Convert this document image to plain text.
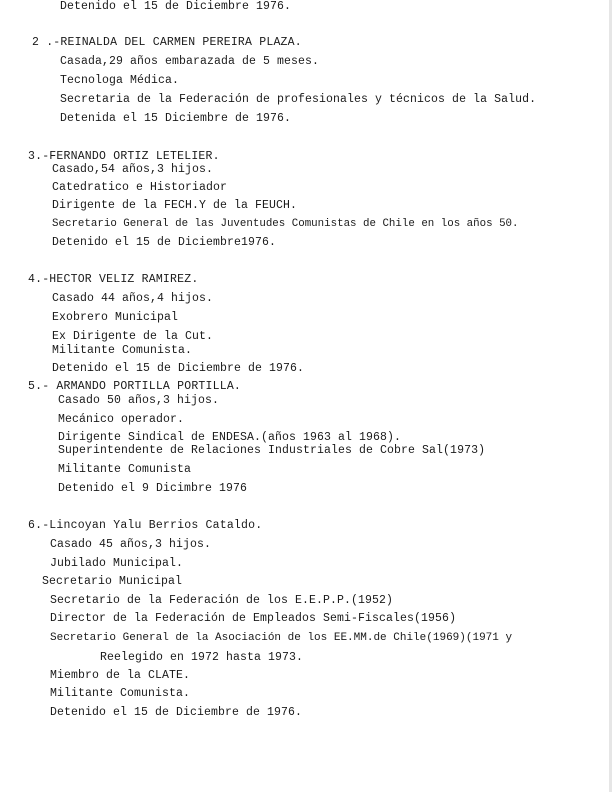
Detenido el 15 de Diciembre 1976.
2 .-REINALDA DEL CARMEN PEREIRA PLAZA.
Casada,29 años embarazada de 5 meses.
Tecnologa Médica.
Secretaria de la Federación de profesionales y técnicos de la Salud.
Detenida el 15 Diciembre de 1976.
3.-FERNANDO ORTIZ LETELIER.
Casado,54 años,3 hijos.
Catedratico e Historiador
Dirigente de la FECH.Y de la FEUCH.
Secretario General de las Juventudes Comunistas de Chile en los años 50.
Detenido el 15 de Diciembre1976.
4.-HECTOR VELIZ RAMIREZ.
Casado 44 años,4 hijos.
Exobrero Municipal
Ex Dirigente de la Cut.
Militante Comunista.
Detenido el 15 de Diciembre de 1976.
5.- ARMANDO PORTILLA PORTILLA.
Casado 50 años,3 hijos.
Mecánico operador.
Dirigente Sindical de ENDESA.(años 1963 al 1968).
Superintendente de Relaciones Industriales de Cobre Sal(1973)
Militante Comunista
Detenido el 9 Dicimbre 1976
6.-Lincoyan Yalu Berrios Cataldo.
Casado 45 años,3 hijos.
Jubilado Municipal.
Secretario Municipal
Secretario de la Federación de los E.E.P.P.(1952)
Director de la Federación de Empleados Semi-Fiscales(1956)
Secretario General de la Asociación de los EE.MM.de Chile(1969)(1971 y
Reelegido en 1972 hasta 1973.
Miembro de la CLATE.
Militante Comunista.
Detenido el 15 de Diciembre de 1976.
